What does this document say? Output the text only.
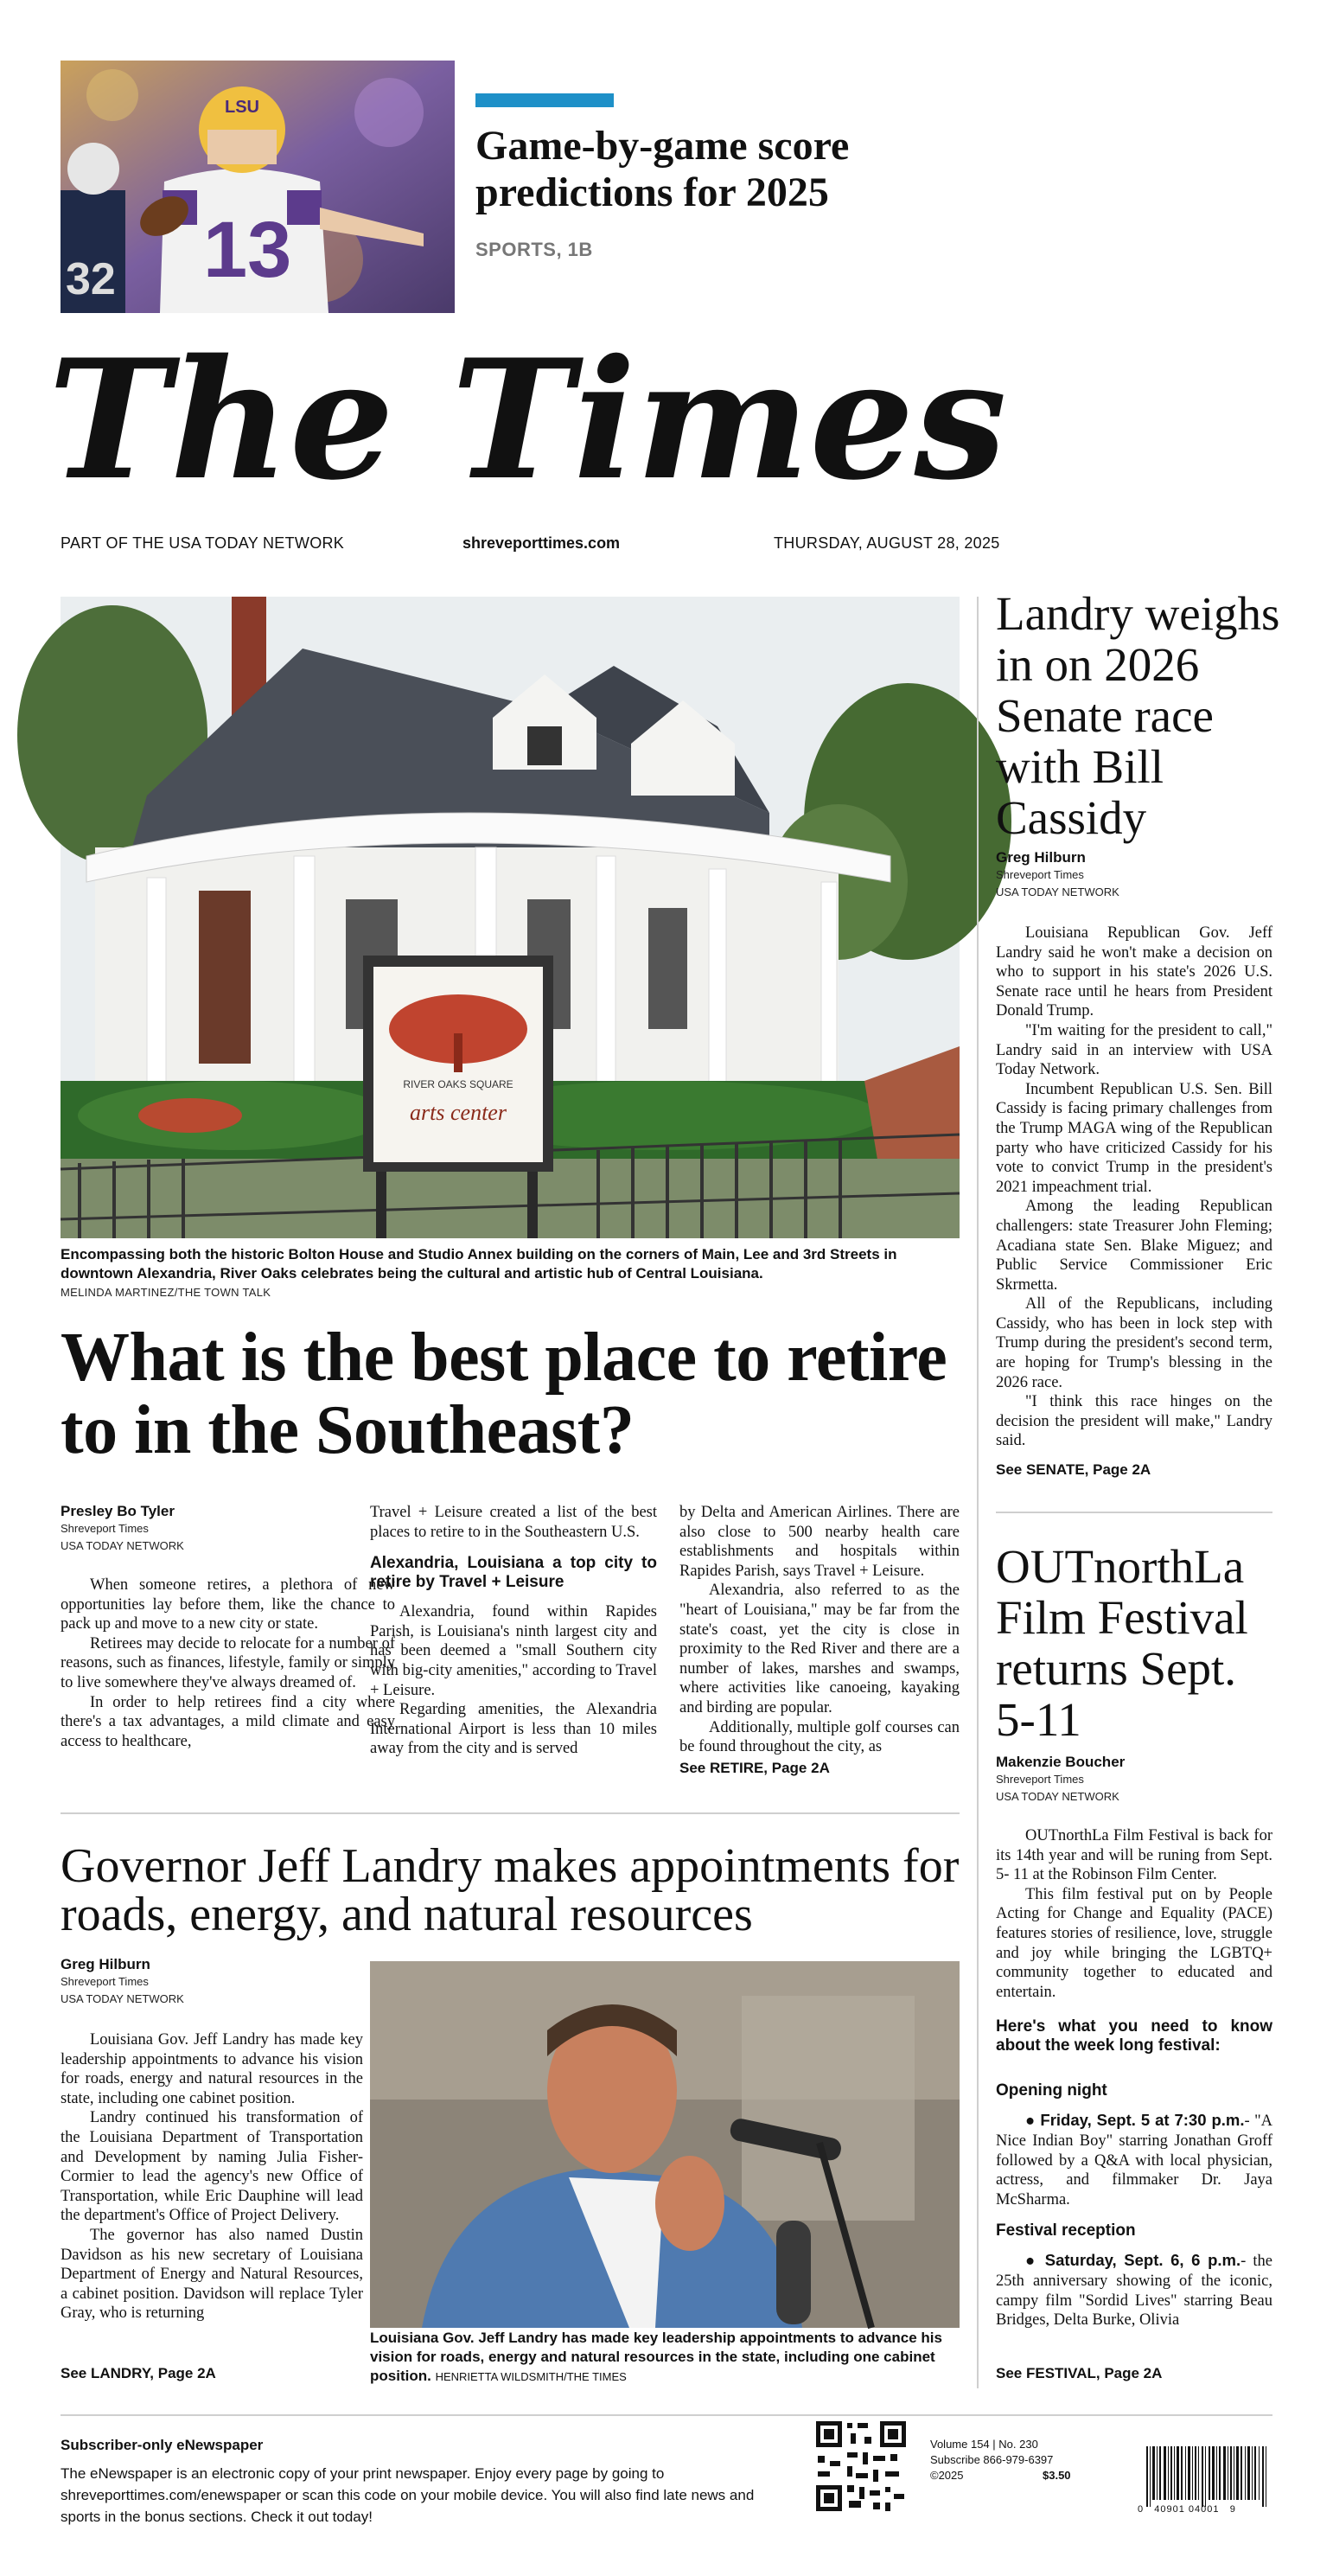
32
LSU
13
Game-by-game score predictions for 2025
SPORTS, 1B
The Times
PART OF THE USA TODAY NETWORK	shreveporttimes.com	THURSDAY, AUGUST 28, 2025
RIVER OAKS SQUARE
arts center
Encompassing both the historic Bolton House and Studio Annex building on the corners of Main, Lee and 3rd Streets in downtown Alexandria, River Oaks celebrates being the cultural and artistic hub of Central Louisiana.
MELINDA MARTINEZ/THE TOWN TALK
What is the best place to retire to in the Southeast?
Presley Bo Tyler
Shreveport Times
USA TODAY NETWORK

When someone retires, a plethora of new opportunities lay before them, like the chance to pack up and move to a new city or state.

Retirees may decide to relocate for a number of reasons, such as finances, lifestyle, family or simply to live somewhere they've always dreamed of.

In order to help retirees find a city where there's a tax advantages, a mild climate and easy access to healthcare,

Travel + Leisure created a list of the best places to retire to in the Southeastern U.S.

Alexandria, Louisiana a top city to retire by Travel + Leisure

Alexandria, found within Rapides Parish, is Louisiana's ninth largest city and has been deemed a "small Southern city with big-city amenities," according to Travel + Leisure.

Regarding amenities, the Alexandria International Airport is less than 10 miles away from the city and is served

by Delta and American Airlines. There are also close to 500 nearby health care establishments and hospitals within Rapides Parish, says Travel + Leisure.

Alexandria, also referred to as the "heart of Louisiana," may be far from the state's coast, yet the city is close in proximity to the Red River and there are a number of lakes, marshes and swamps, where activities like canoeing, kayaking and birding are popular.

Additionally, multiple golf courses can be found throughout the city, as

See RETIRE, Page 2A
Governor Jeff Landry makes appointments for roads, energy, and natural resources
Greg Hilburn
Shreveport Times
USA TODAY NETWORK

Louisiana Gov. Jeff Landry has made key leadership appointments to advance his vision for roads, energy and natural resources in the state, including one cabinet position.

Landry continued his transformation of the Louisiana Department of Transportation and Development by naming Julia Fisher-Cormier to lead the agency's new Office of Transportation, while Eric Dauphine will lead the department's Office of Project Delivery.

The governor has also named Dustin Davidson as his new secretary of Louisiana Department of Energy and Natural Resources, a cabinet position. Davidson will replace Tyler Gray, who is returning

See LANDRY, Page 2A
Louisiana Gov. Jeff Landry has made key leadership appointments to advance his vision for roads, energy and natural resources in the state, including one cabinet position. HENRIETTA WILDSMITH/THE TIMES
Landry weighs in on 2026 Senate race with Bill Cassidy
Greg Hilburn
Shreveport Times
USA TODAY NETWORK

Louisiana Republican Gov. Jeff Landry said he won't make a decision on who to support in his state's 2026 U.S. Senate race until he hears from President Donald Trump.

"I'm waiting for the president to call," Landry said in an interview with USA Today Network.

Incumbent Republican U.S. Sen. Bill Cassidy is facing primary challenges from the Trump MAGA wing of the Republican party who have criticized Cassidy for his vote to convict Trump in the president's 2021 impeachment trial.

Among the leading Republican challengers: state Treasurer John Fleming; Acadiana state Sen. Blake Miguez; and Public Service Commissioner Eric Skrmetta.

All of the Republicans, including Cassidy, who has been in lock step with Trump during the president's second term, are hoping for Trump's blessing in the 2026 race.

"I think this race hinges on the decision the president will make," Landry said.

See SENATE, Page 2A
OUTnorthLa Film Festival returns Sept. 5-11
Makenzie Boucher
Shreveport Times
USA TODAY NETWORK

OUTnorthLa Film Festival is back for its 14th year and will be runing from Sept. 5- 11 at the Robinson Film Center.

This film festival put on by People Acting for Change and Equality (PACE) features stories of resilience, love, struggle and joy while bringing the LGBTQ+ community together to educated and entertain.

Here's what you need to know about the week long festival:
Opening night

● Friday, Sept. 5 at 7:30 p.m.- "A Nice Indian Boy" starring Jonathan Groff followed by a Q&A with local physician, actress, and filmmaker Dr. Jaya McSharma.

Festival reception

● Saturday, Sept. 6, 6 p.m.- the 25th anniversary showing of the iconic, campy film "Sordid Lives" starring Beau Bridges, Delta Burke, Olivia

See FESTIVAL, Page 2A
Subscriber-only eNewspaper
The eNewspaper is an electronic copy of your print newspaper. Enjoy every page by going to shreveporttimes.com/enewspaper or scan this code on your mobile device. You will also find late news and sports in the bonus sections. Check it out today!
Volume 154 | No. 230
Subscribe 866-979-6397
©2025	$3.50
0   40901 04001   9
